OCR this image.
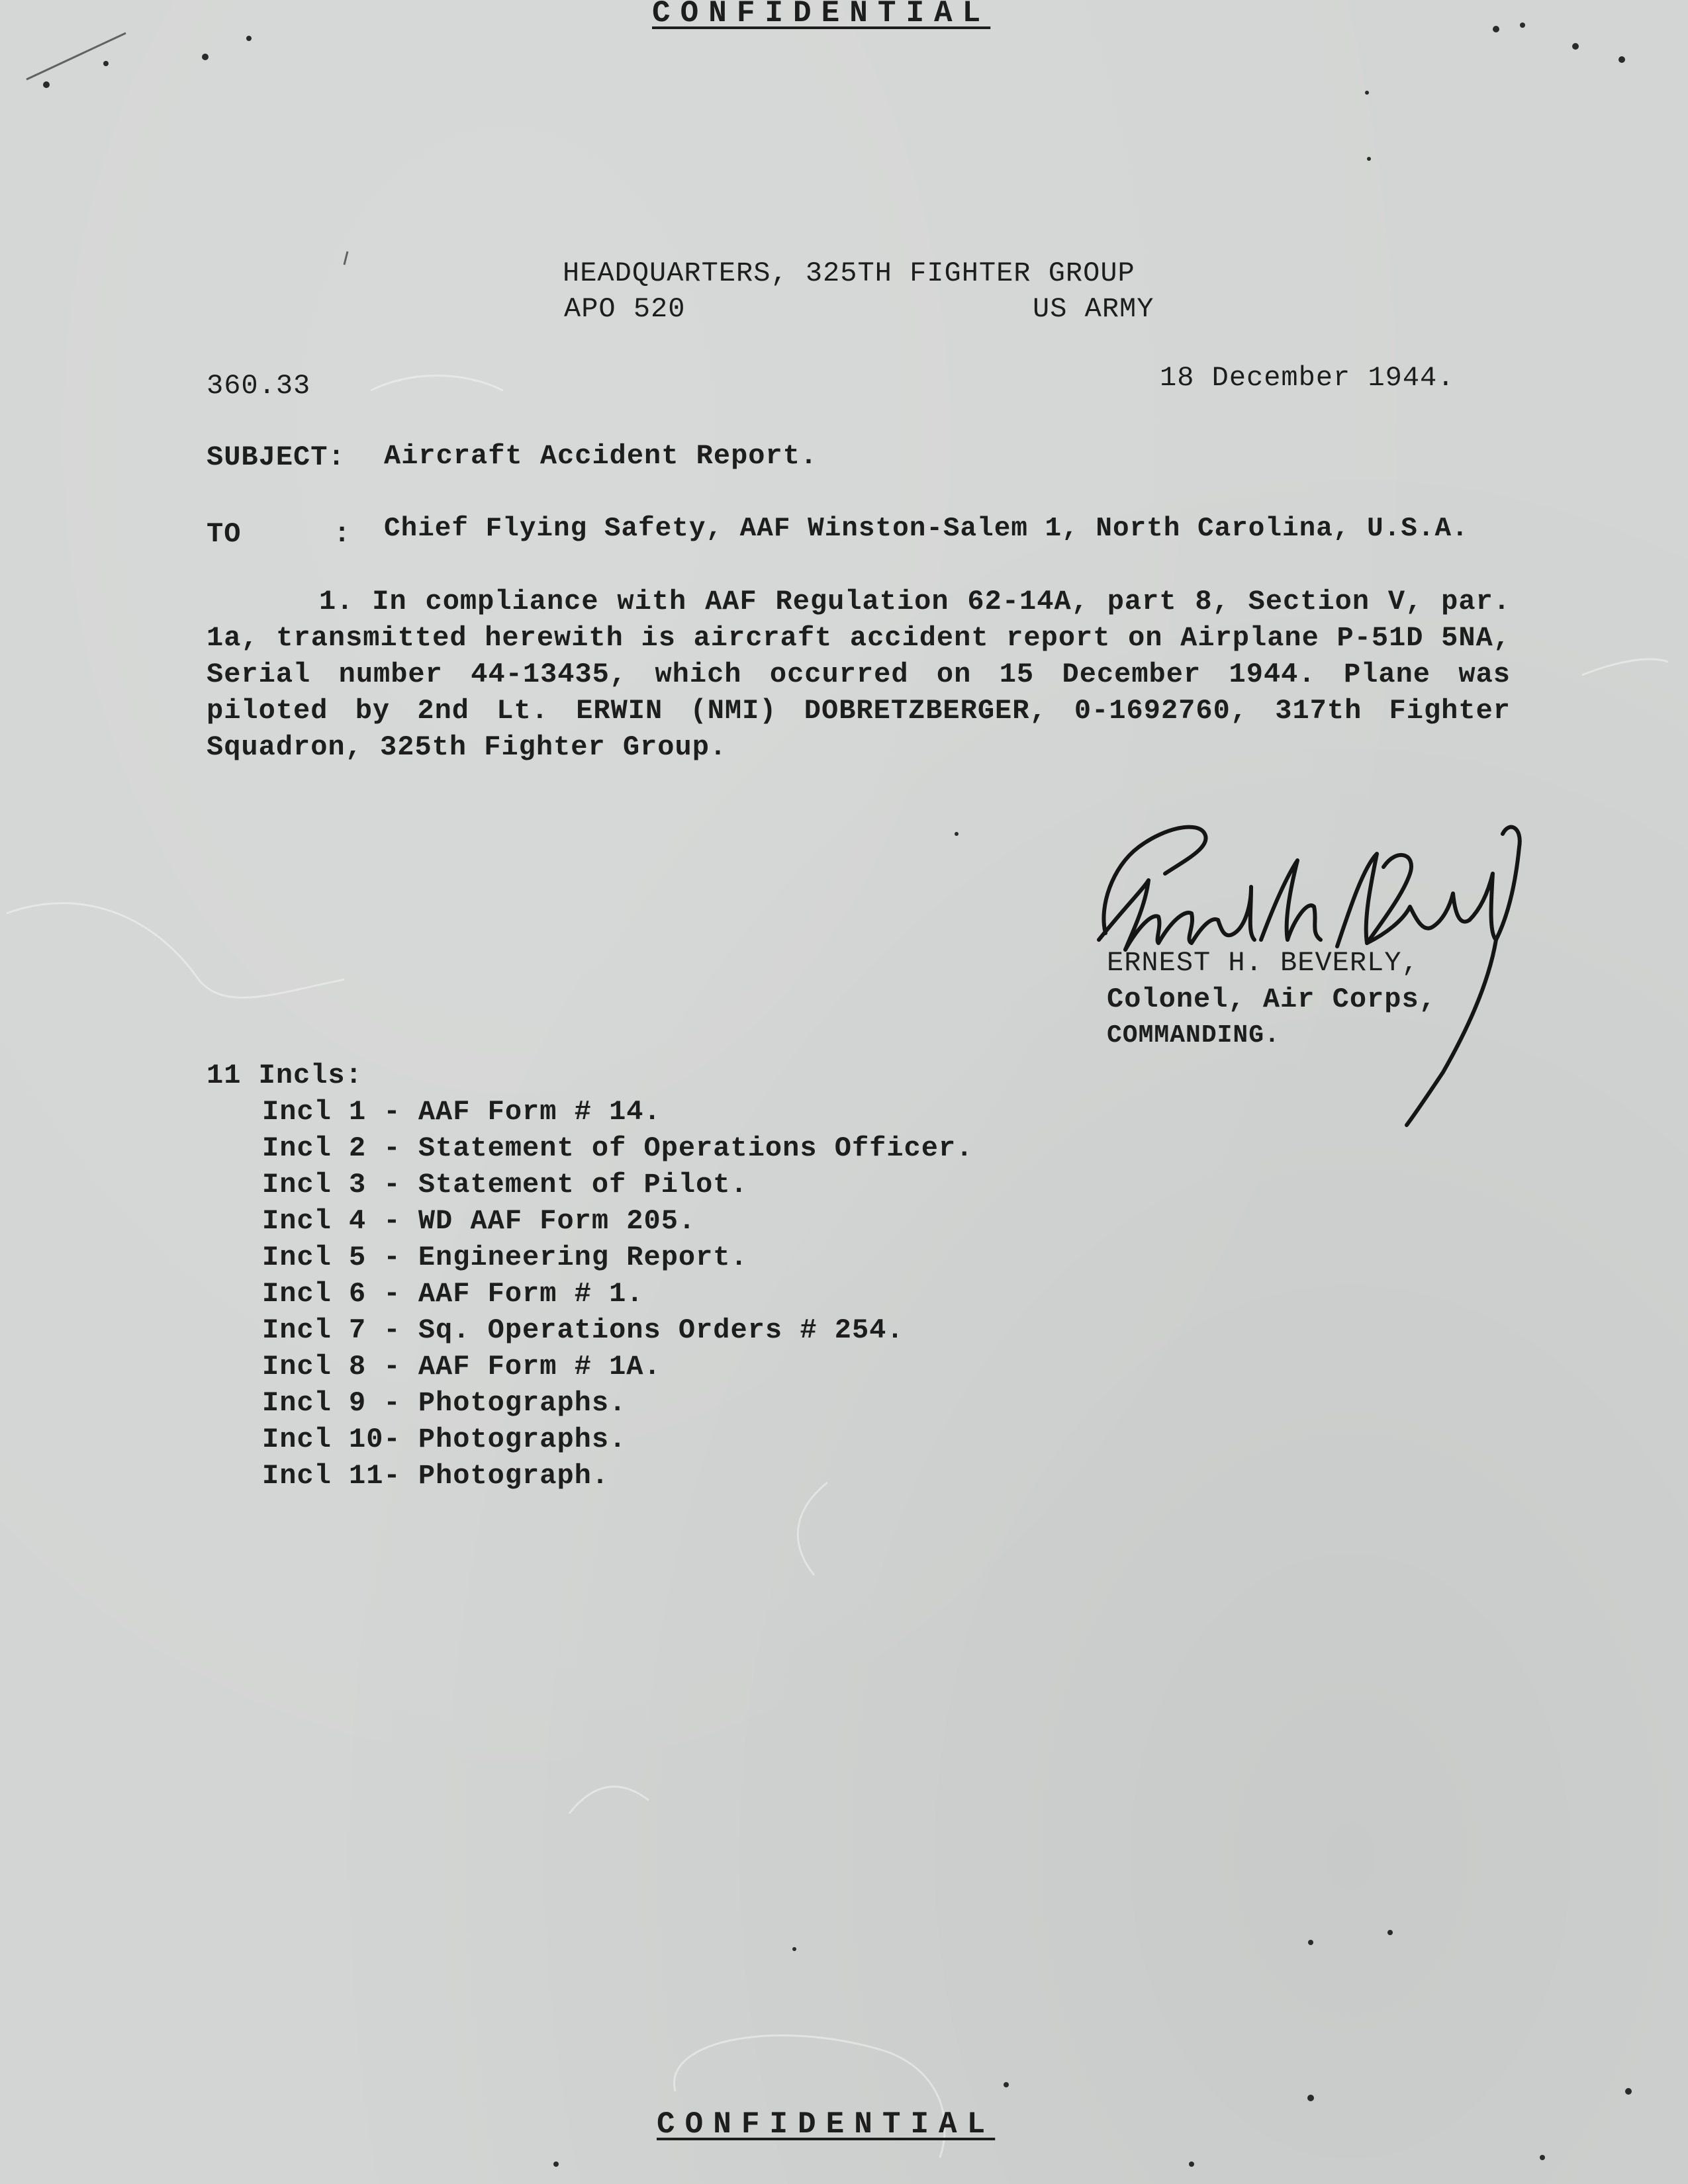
CONFIDENTIAL
HEADQUARTERS, 325TH FIGHTER GROUP
APO 520	US ARMY
360.33	18 December 1944.
SUBJECT: Aircraft Accident Report.
TO	: Chief Flying Safety, AAF Winston-Salem 1, North Carolina, U.S.A.
1. In compliance with AAF Regulation 62-14A, part 8, Section V, par. 1a, transmitted herewith is aircraft accident report on Airplane P-51D 5NA, Serial number 44-13435, which occurred on 15 December 1944. Plane was piloted by 2nd Lt. ERWIN (NMI) DOBRETZBERGER, 0-1692760, 317th Fighter Squadron, 325th Fighter Group.
ERNEST H. BEVERLY,
Colonel, Air Corps,
COMMANDING.
11 Incls:
Incl 1 - AAF Form # 14.
Incl 2 - Statement of Operations Officer.
Incl 3 - Statement of Pilot.
Incl 4 - WD AAF Form 205.
Incl 5 - Engineering Report.
Incl 6 - AAF Form # 1.
Incl 7 - Sq. Operations Orders # 254.
Incl 8 - AAF Form # 1A.
Incl 9 - Photographs.
Incl 10- Photographs.
Incl 11- Photograph.
CONFIDENTIAL
